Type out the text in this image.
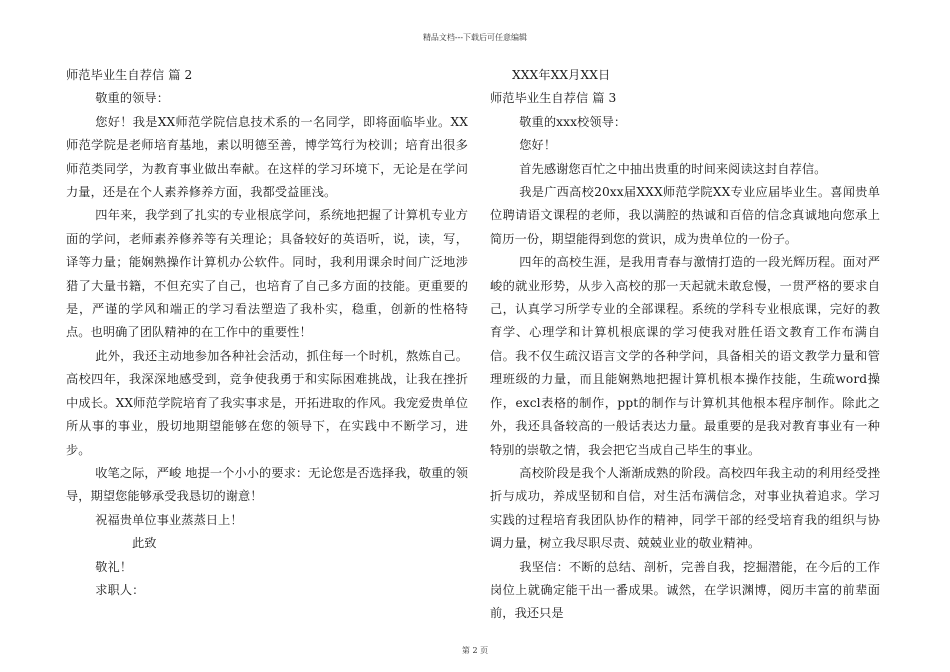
精品文档---下载后可任意编辑

师范毕业生自荐信 篇 2

敬重的领导：

您好！我是XX师范学院信息技术系的一名同学，即将面临毕业。XX师范学院是老师培育基地，素以明德至善，博学笃行为校训；培育出很多师范类同学，为教育事业做出奉献。在这样的学习环境下，无论是在学问力量，还是在个人素养修养方面，我都受益匪浅。

四年来，我学到了扎实的专业根底学问，系统地把握了计算机专业方面的学问，老师素养修养等有关理论；具备较好的英语听，说，读，写，译等力量；能娴熟操作计算机办公软件。同时，我利用课余时间广泛地涉猎了大量书籍，不但充实了自己，也培育了自己多方面的技能。更重要的是，严谨的学风和端正的学习看法塑造了我朴实，稳重，创新的性格特点。也明确了团队精神的在工作中的重要性！

此外，我还主动地参加各种社会活动，抓住每一个时机，熬炼自己。高校四年，我深深地感受到，竞争使我勇于和实际困难挑战，让我在挫折中成长。XX师范学院培育了我实事求是，开拓进取的作风。我宠爱贵单位所从事的事业，殷切地期望能够在您的领导下，在实践中不断学习，进步。

收笔之际，严峻 地提一个小小的要求：无论您是否选择我，敬重的领导，期望您能够承受我恳切的谢意！

祝福贵单位事业蒸蒸日上！

此致

敬礼！

求职人：

XXX年XX月XX日

师范毕业生自荐信 篇 3

敬重的xxx校领导：

您好！

首先感谢您百忙之中抽出贵重的时间来阅读这封自荐信。

我是广西高校20xx届XXX师范学院XX专业应届毕业生。喜闻贵单位聘请语文课程的老师，我以满腔的热诚和百倍的信念真诚地向您承上简历一份，期望能得到您的赏识，成为贵单位的一份子。

四年的高校生涯，是我用青春与激情打造的一段光辉历程。面对严峻的就业形势，从步入高校的那一天起就未敢怠慢，一贯严格的要求自己，认真学习所学专业的全部课程。系统的学科专业根底课，完好的教育学、心理学和计算机根底课的学习使我对胜任语文教育工作布满自信。我不仅生疏汉语言文学的各种学问，具备相关的语文教学力量和管理班级的力量，而且能娴熟地把握计算机根本操作技能，生疏word操作，excl表格的制作，ppt的制作与计算机其他根本程序制作。除此之外，我还具备较高的一般话表达力量。最重要的是我对教育事业有一种特别的崇敬之情，我会把它当成自己毕生的事业。

高校阶段是我个人渐渐成熟的阶段。高校四年我主动的利用经受挫折与成功，养成坚韧和自信，对生活布满信念，对事业执着追求。学习实践的过程培育我团队协作的精神，同学干部的经受培育我的组织与协调力量，树立我尽职尽责、兢兢业业的敬业精神。

我坚信：不断的总结、剖析，完善自我，挖掘潜能，在今后的工作岗位上就确定能干出一番成果。诚然，在学识渊博，阅历丰富的前辈面前，我还只是

第 2 页
